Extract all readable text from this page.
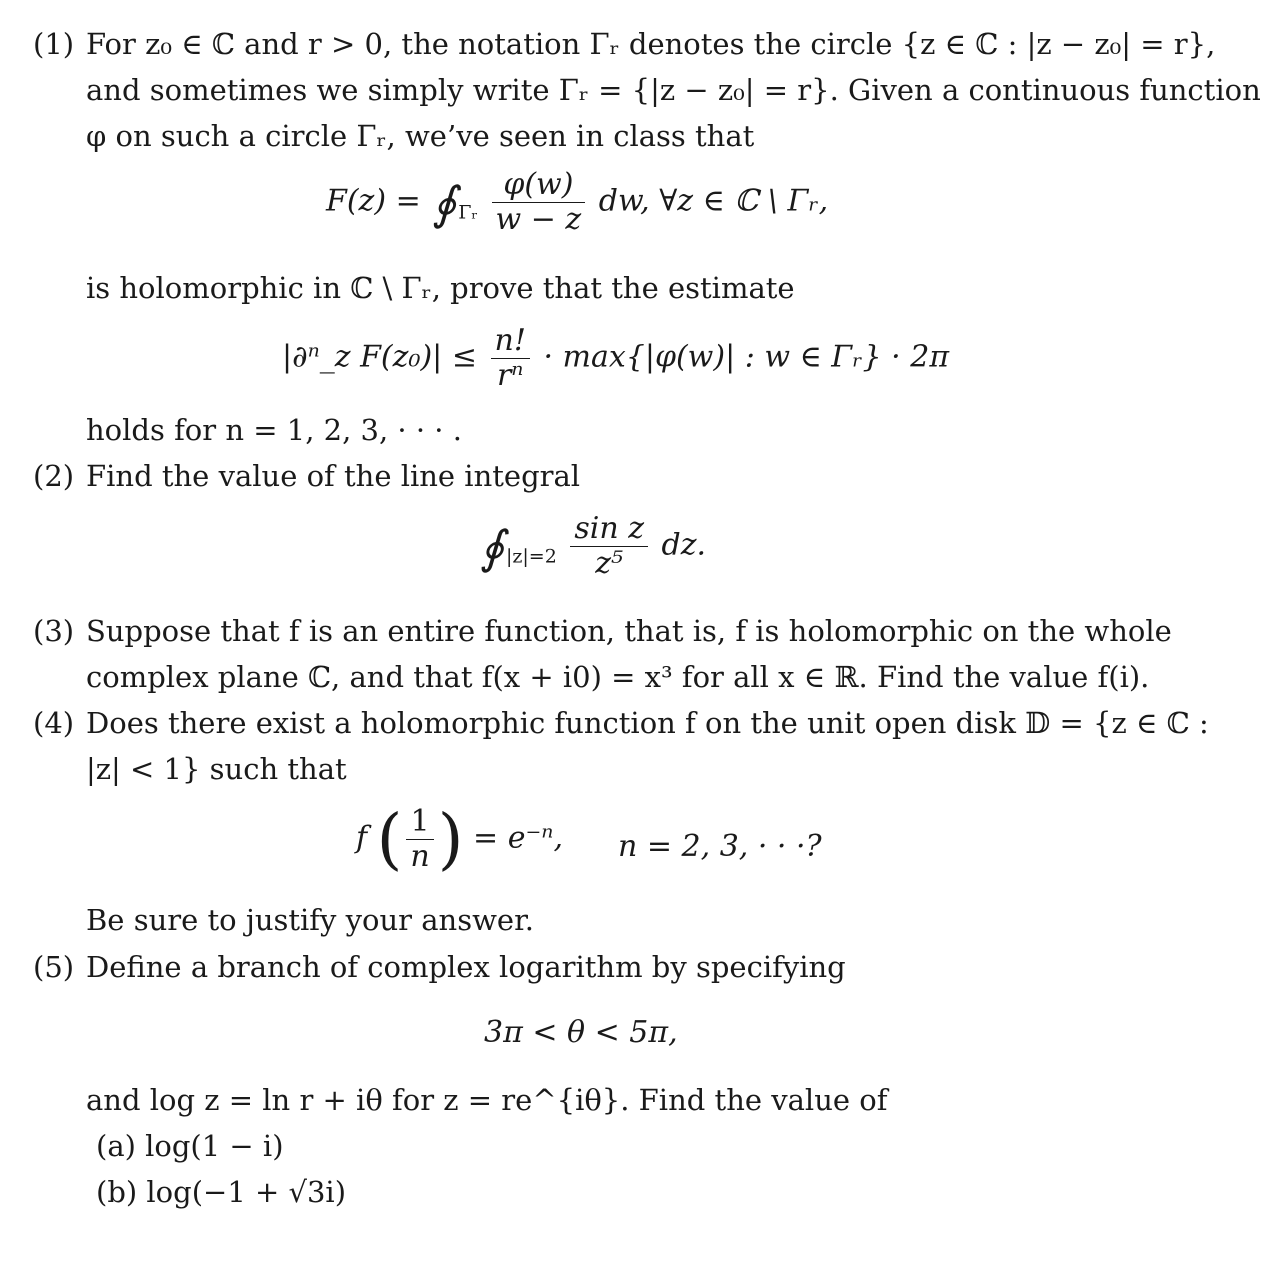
(1) For z₀ ∈ ℂ and r > 0, the notation Γᵣ denotes the circle {z ∈ ℂ : |z − z₀| = r},
and sometimes we simply write Γᵣ = {|z − z₀| = r}. Given a continuous function
φ on such a circle Γᵣ, we’ve seen in class that
F(z) = ∮ $_{\Gamma ᵣ} \frac{\varphi(w)}{w - z}$ dw, ∀z ∈ ℂ \ Γᵣ,
is holomorphic in ℂ \ Γᵣ, prove that the estimate
|∂ⁿ_z $F(z_0)| \le \frac{n!}{\text{rⁿ}} \cdot \max\{|\varphi(w)|$ : w ∈ Γᵣ} · 2π
holds for n = 1, 2, 3, · · · .
(2) Find the value of the line integral
∮ $_{|z|=2} \frac{\text{sin z}}{\text{z⁵}}$ dz.
(3) Suppose that f is an entire function, that is, f is holomorphic on the whole
complex plane ℂ, and that f(x + i0) = x³ for all x ∈ ℝ. Find the value f(i).
(4) Does there exist a holomorphic function f on the unit open disk 𝔻 = {z ∈ ℂ :
|z| < 1} such that
f ( $\frac{1}{n}$ ) = e⁻ⁿ, n = 2, 3, · · ·?
Be sure to justify your answer.
(5) Define a branch of complex logarithm by specifying
3π < θ < 5π,
and log z = ln r + iθ for z = re^{iθ}. Find the value of
(a) log(1 − i)
(b) log(−1 + √3i)
